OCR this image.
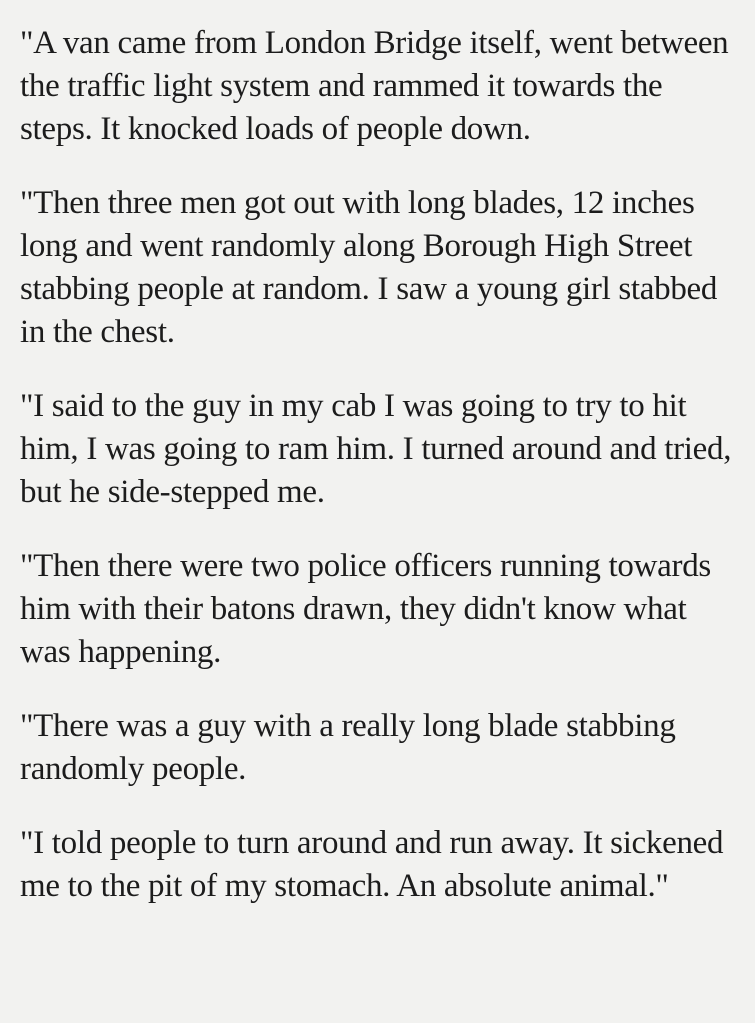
"A van came from London Bridge itself, went between the traffic light system and rammed it towards the steps. It knocked loads of people down.

"Then three men got out with long blades, 12 inches long and went randomly along Borough High Street stabbing people at random. I saw a young girl stabbed in the chest.

"I said to the guy in my cab I was going to try to hit him, I was going to ram him. I turned around and tried, but he side-stepped me.

"Then there were two police officers running towards him with their batons drawn, they didn't know what was happening.

"There was a guy with a really long blade stabbing randomly people.

"I told people to turn around and run away. It sickened me to the pit of my stomach. An absolute animal."
